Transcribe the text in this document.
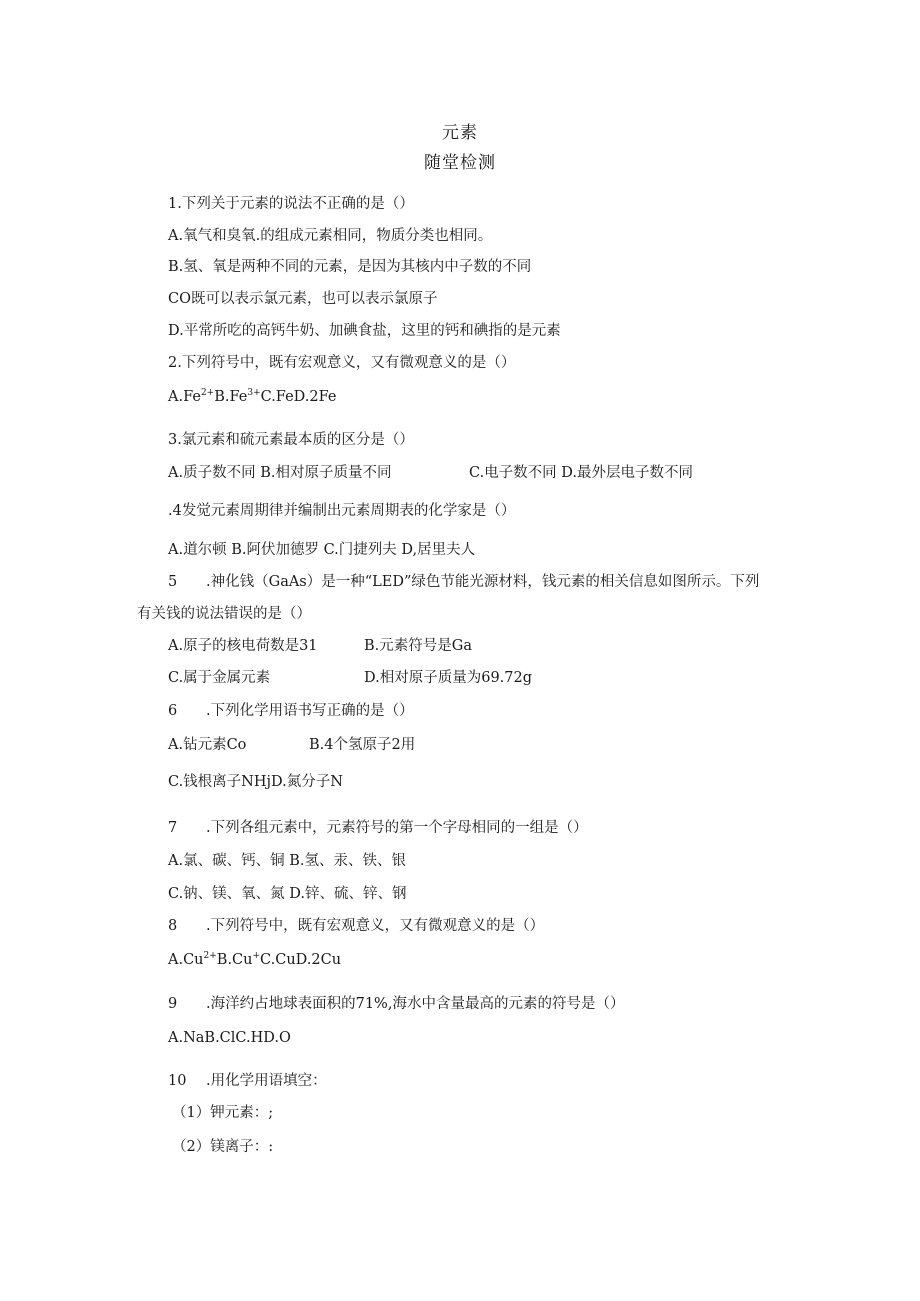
元素
随堂检测
1.下列关于元素的说法不正确的是（）
A.氧气和臭氧.的组成元素相同，物质分类也相同。
B.氢、氧是两种不同的元素，是因为其核内中子数的不同
CO既可以表示氯元素，也可以表示氯原子
D.平常所吃的高钙牛奶、加碘食盐，这里的钙和碘指的是元素
2.下列符号中，既有宏观意义，又有微观意义的是（）
$A.Fe^{2+}B.Fe^{3+}C.FeD.2Fe$
3.氯元素和硫元素最本质的区分是（）
A.质子数不同 B.相对原子质量不同	C.电子数不同 D.最外层电子数不同
.4发觉元素周期律并编制出元素周期表的化学家是（）
A.道尔顿 B.阿伏加德罗 C.门捷列夫 D,居里夫人
5 .神化钱（GaAs）是一种“LED”绿色节能光源材料，钱元素的相关信息如图所示。下列
有关钱的说法错误的是（）
A.原子的核电荷数是31	B.元素符号是Ga
C.属于金属元素	D.相对原子质量为69.72g
6 .下列化学用语书写正确的是（）
A.钻元素Co	B.4个氢原子2用
C.钱根离子NHjD.氮分子N
7 .下列各组元素中，元素符号的第一个字母相同的一组是（）
A.氯、碳、钙、铜 B.氢、汞、铁、银
C.钠、镁、氧、氮 D.锌、硫、锌、钢
8 .下列符号中，既有宏观意义，又有微观意义的是（）
$A.Cu^{2+}B.Cu^+C.CuD.2Cu$
9 .海洋约占地球表面积的71%,海水中含量最高的元素的符号是（）
A.NaB.ClC.HD.O
10 .用化学用语填空：
（1）钾元素：;
（2）镁离子：:
